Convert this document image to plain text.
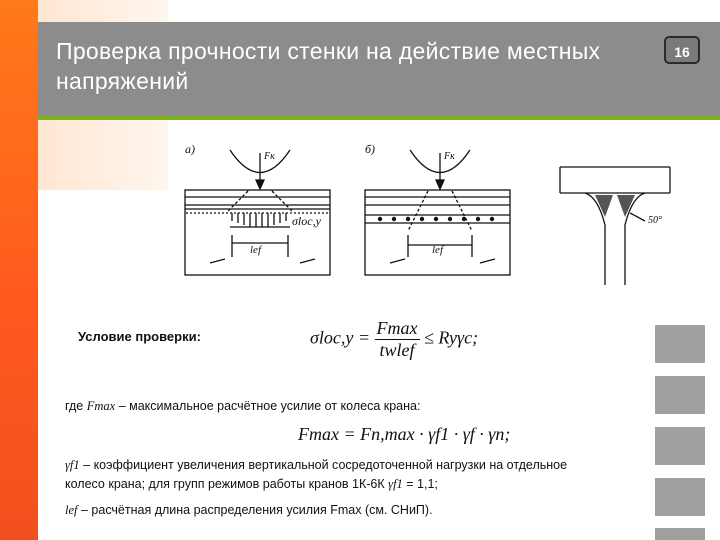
Проверка прочности стенки на действие местных напряжений
16
а)	б)
Fк	Fк
σloc,y
lef	lef
50°
Условие проверки:	$\sigma loc,y = \frac{Fmax}{\text{twlef}} \le Ry\gamma c$;
где Fmax – максимальное расчётное усилие от колеса крана:
Fmax = Fn,max · γf1 · γf · γn;
γf1 – коэффициент увеличения вертикальной сосредоточенной нагрузки на отдельное
колесо крана; для групп режимов работы кранов 1К-6К γf1 = 1,1;
lef – расчётная длина распределения усилия Fmax (см. СНиП).
